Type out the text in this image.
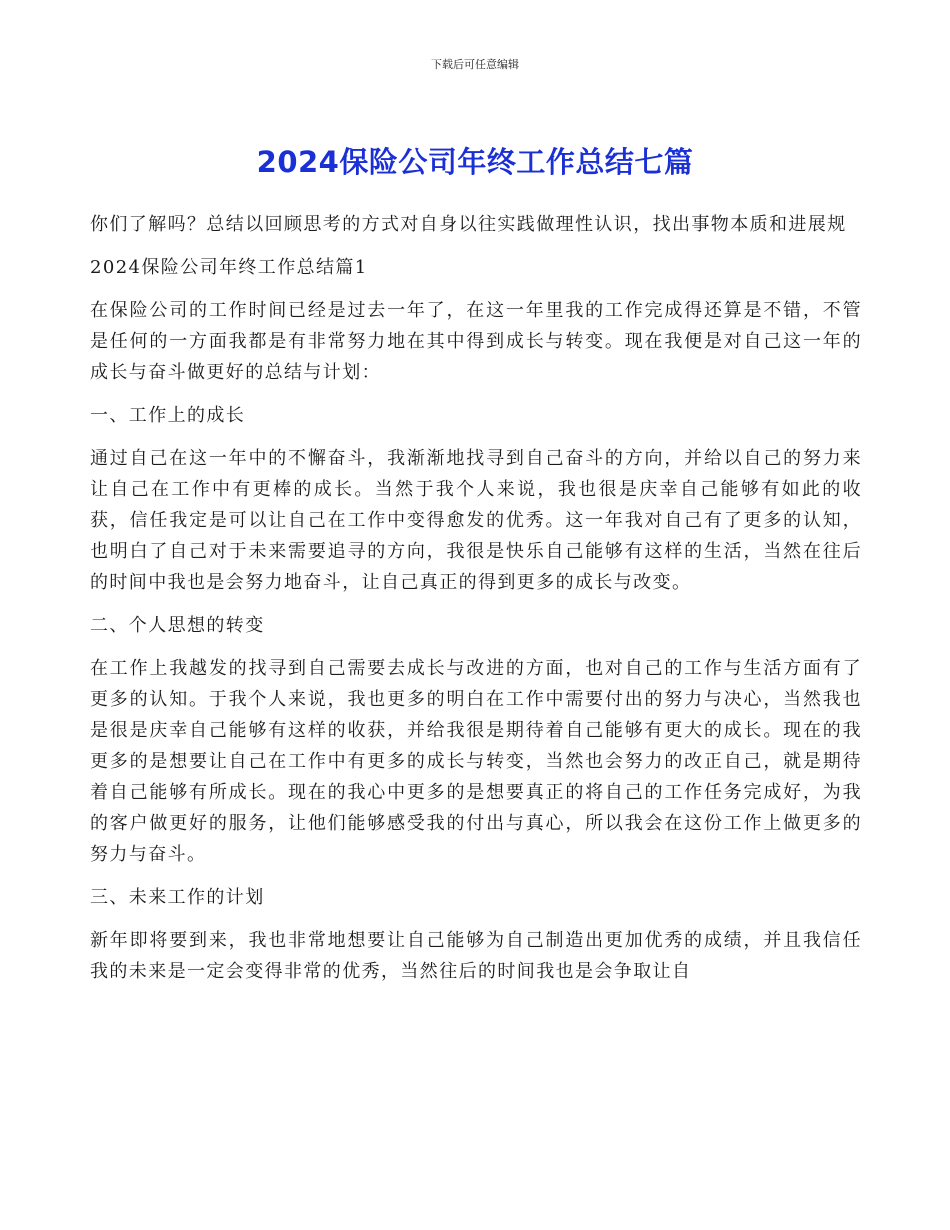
下载后可任意编辑
2024保险公司年终工作总结七篇

你们了解吗？总结以回顾思考的方式对自身以往实践做理性认识，找出事物本质和进展规

2024保险公司年终工作总结篇1

在保险公司的工作时间已经是过去一年了，在这一年里我的工作完成得还算是不错，不管是任何的一方面我都是有非常努力地在其中得到成长与转变。现在我便是对自己这一年的成长与奋斗做更好的总结与计划：

一、工作上的成长

通过自己在这一年中的不懈奋斗，我渐渐地找寻到自己奋斗的方向，并给以自己的努力来让自己在工作中有更棒的成长。当然于我个人来说，我也很是庆幸自己能够有如此的收获，信任我定是可以让自己在工作中变得愈发的优秀。这一年我对自己有了更多的认知，也明白了自己对于未来需要追寻的方向，我很是快乐自己能够有这样的生活，当然在往后的时间中我也是会努力地奋斗，让自己真正的得到更多的成长与改变。

二、个人思想的转变

在工作上我越发的找寻到自己需要去成长与改进的方面，也对自己的工作与生活方面有了更多的认知。于我个人来说，我也更多的明白在工作中需要付出的努力与决心，当然我也是很是庆幸自己能够有这样的收获，并给我很是期待着自己能够有更大的成长。现在的我更多的是想要让自己在工作中有更多的成长与转变，当然也会努力的改正自己，就是期待着自己能够有所成长。现在的我心中更多的是想要真正的将自己的工作任务完成好，为我的客户做更好的服务，让他们能够感受我的付出与真心，所以我会在这份工作上做更多的努力与奋斗。

三、未来工作的计划

新年即将要到来，我也非常地想要让自己能够为自己制造出更加优秀的成绩，并且我信任我的未来是一定会变得非常的优秀，当然往后的时间我也是会争取让自
